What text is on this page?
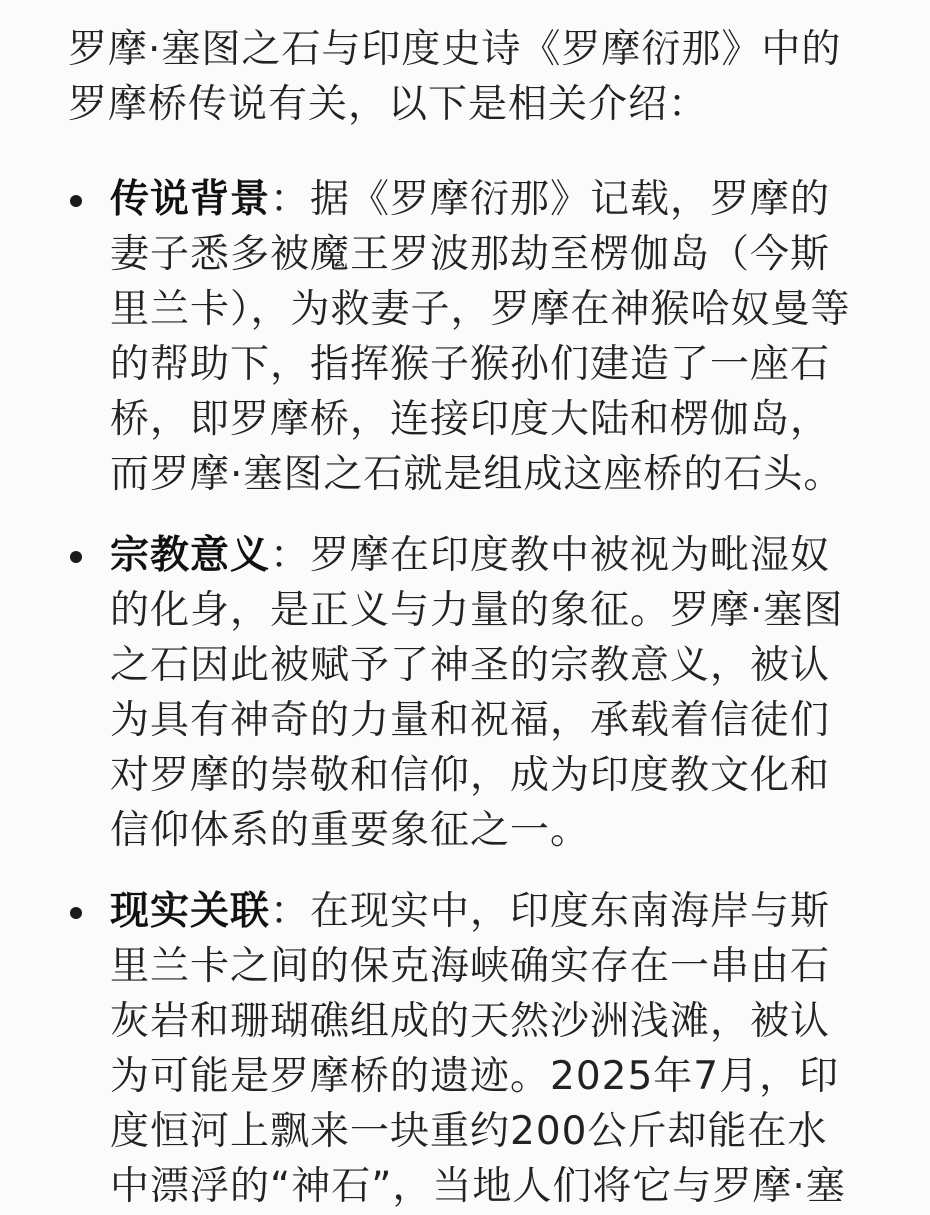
罗摩·塞图之石与印度史诗《罗摩衍那》中的罗摩桥传说有关，以下是相关介绍：

传说背景：据《罗摩衍那》记载，罗摩的妻子悉多被魔王罗波那劫至楞伽岛（今斯里兰卡），为救妻子，罗摩在神猴哈奴曼等的帮助下，指挥猴子猴孙们建造了一座石桥，即罗摩桥，连接印度大陆和楞伽岛，而罗摩·塞图之石就是组成这座桥的石头。
宗教意义：罗摩在印度教中被视为毗湿奴的化身，是正义与力量的象征。罗摩·塞图之石因此被赋予了神圣的宗教意义，被认为具有神奇的力量和祝福，承载着信徒们对罗摩的崇敬和信仰，成为印度教文化和信仰体系的重要象征之一。
现实关联：在现实中，印度东南海岸与斯里兰卡之间的保克海峡确实存在一串由石灰岩和珊瑚礁组成的天然沙洲浅滩，被认为可能是罗摩桥的遗迹。2025年7月，印度恒河上飘来一块重约200公斤却能在水中漂浮的“神石”，当地人们将它与罗摩·塞
